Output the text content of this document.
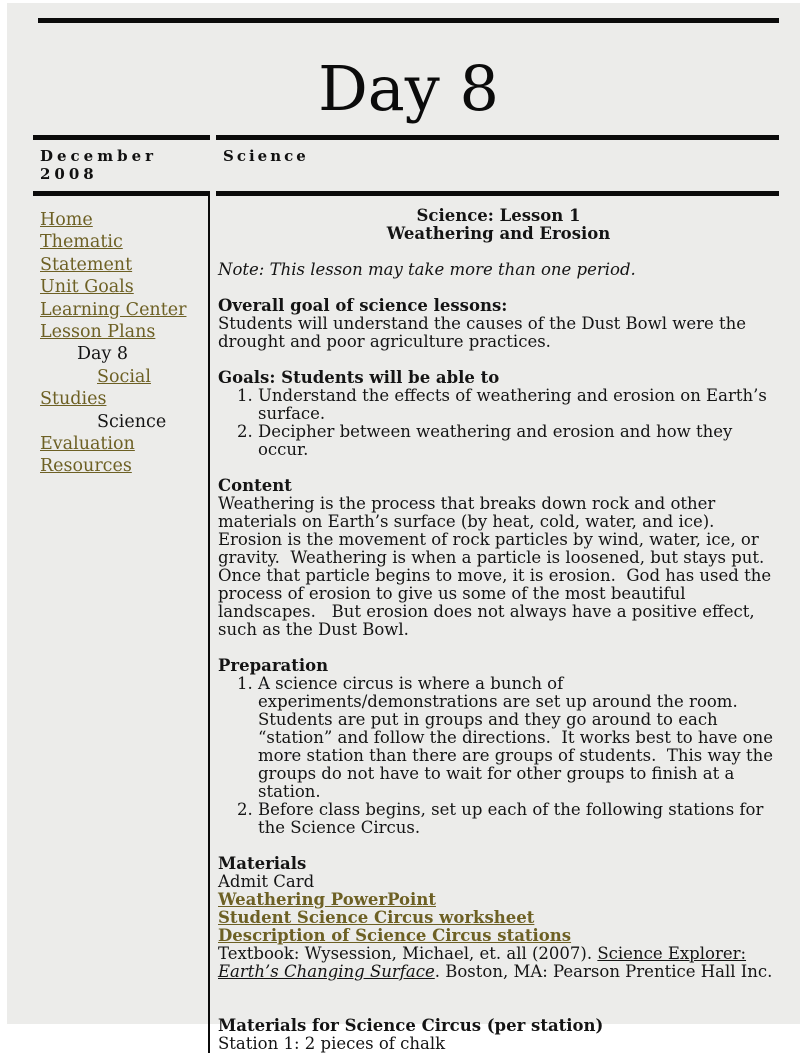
Day 8
December 2008
Science
Home
Thematic Statement
Unit Goals
Learning Center
Lesson Plans
Day 8
Social Studies
Science
Evaluation
Resources

Science: Lesson 1

Weathering and Erosion

Note: This lesson may take more than one period.

Overall goal of science lessons:
Students will understand the causes of the Dust Bowl were the drought and poor agriculture practices.

Goals: Students will be able to
1. Understand the effects of weathering and erosion on Earth’s surface.
2. Decipher between weathering and erosion and how they occur.
Content

Weathering is the process that breaks down rock and other materials on Earth’s surface (by heat, cold, water, and ice).  Erosion is the movement of rock particles by wind, water, ice, or gravity.  Weathering is when a particle is loosened, but stays put.  Once that particle begins to move, it is erosion.  God has used the process of erosion to give us some of the most beautiful landscapes.   But erosion does not always have a positive effect, such as the Dust Bowl.

Preparation
1. A science circus is where a bunch of experiments/demonstrations are set up around the room.  Students are put in groups and they go around to each “station” and follow the directions.  It works best to have one more station than there are groups of students.  This way the groups do not have to wait for other groups to finish at a station.
2. Before class begins, set up each of the following stations for the Science Circus.
Materials
Admit Card
Weathering PowerPoint
Student Science Circus worksheet
Description of Science Circus stations
Textbook: Wysession, Michael, et. all (2007). Science Explorer: Earth’s Changing Surface. Boston, MA: Pearson Prentice Hall Inc.
Materials for Science Circus (per station)
Station 1: 2 pieces of chalk
